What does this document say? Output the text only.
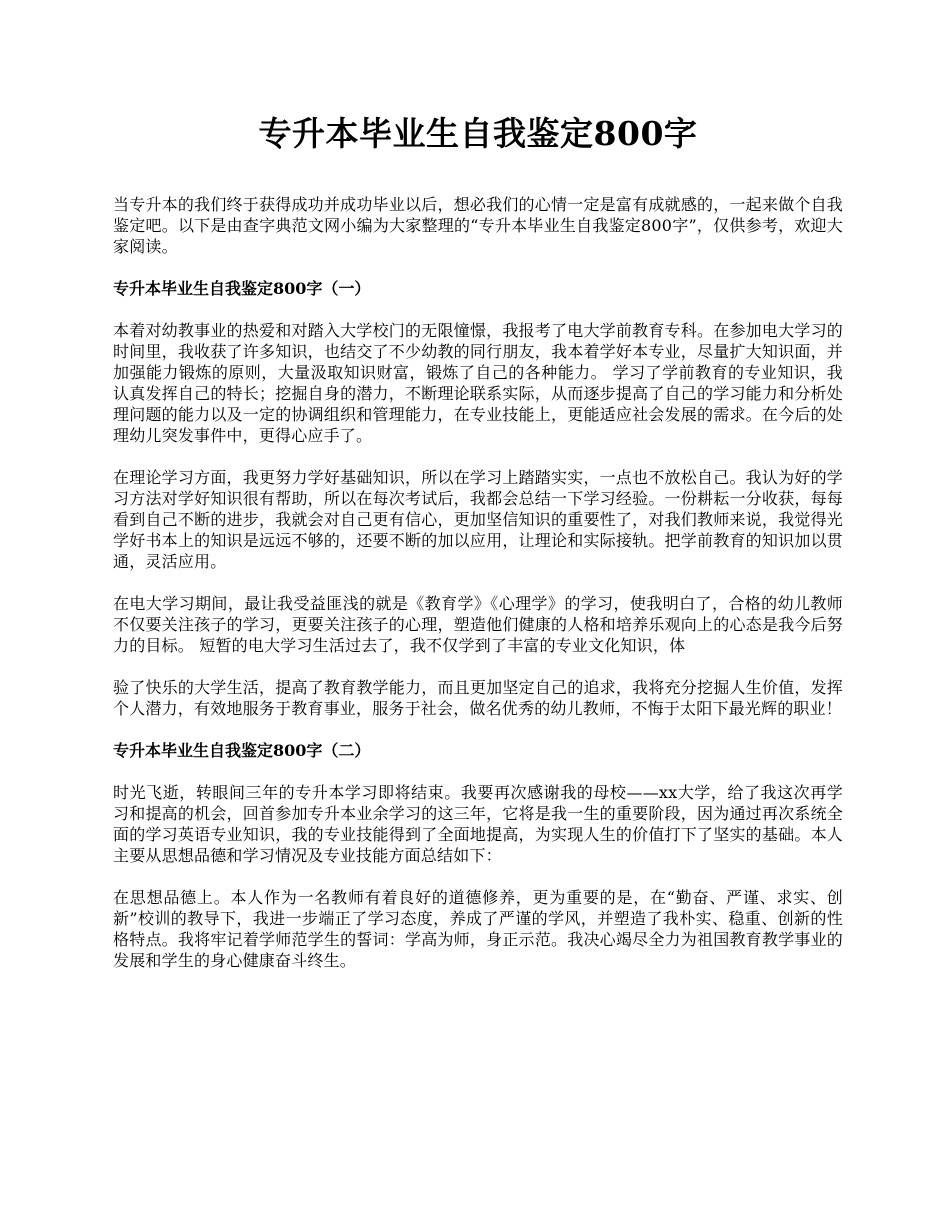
专升本毕业生自我鉴定800字

当专升本的我们终于获得成功并成功毕业以后，想必我们的心情一定是富有成就感的，一起来做个自我鉴定吧。以下是由查字典范文网小编为大家整理的“专升本毕业生自我鉴定800字”，仅供参考，欢迎大家阅读。

专升本毕业生自我鉴定800字（一）

本着对幼教事业的热爱和对踏入大学校门的无限憧憬，我报考了电大学前教育专科。在参加电大学习的时间里，我收获了许多知识，也结交了不少幼教的同行朋友，我本着学好本专业，尽量扩大知识面，并加强能力锻炼的原则，大量汲取知识财富，锻炼了自己的各种能力。 学习了学前教育的专业知识，我认真发挥自己的特长；挖掘自身的潜力，不断理论联系实际，从而逐步提高了自己的学习能力和分析处理问题的能力以及一定的协调组织和管理能力，在专业技能上，更能适应社会发展的需求。在今后的处理幼儿突发事件中，更得心应手了。

在理论学习方面，我更努力学好基础知识，所以在学习上踏踏实实，一点也不放松自己。我认为好的学习方法对学好知识很有帮助，所以在每次考试后，我都会总结一下学习经验。一份耕耘一分收获，每每看到自己不断的进步，我就会对自己更有信心，更加坚信知识的重要性了，对我们教师来说，我觉得光学好书本上的知识是远远不够的，还要不断的加以应用，让理论和实际接轨。把学前教育的知识加以贯通，灵活应用。

在电大学习期间，最让我受益匪浅的就是《教育学》《心理学》的学习，使我明白了，合格的幼儿教师不仅要关注孩子的学习，更要关注孩子的心理，塑造他们健康的人格和培养乐观向上的心态是我今后努力的目标。 短暂的电大学习生活过去了，我不仅学到了丰富的专业文化知识，体

验了快乐的大学生活，提高了教育教学能力，而且更加坚定自己的追求，我将充分挖掘人生价值，发挥个人潜力，有效地服务于教育事业，服务于社会，做名优秀的幼儿教师，不悔于太阳下最光辉的职业！

专升本毕业生自我鉴定800字（二）

时光飞逝，转眼间三年的专升本学习即将结束。我要再次感谢我的母校——xx大学，给了我这次再学习和提高的机会，回首参加专升本业余学习的这三年，它将是我一生的重要阶段，因为通过再次系统全面的学习英语专业知识，我的专业技能得到了全面地提高，为实现人生的价值打下了坚实的基础。本人主要从思想品德和学习情况及专业技能方面总结如下：

在思想品德上。本人作为一名教师有着良好的道德修养，更为重要的是，在“勤奋、严谨、求实、创新”校训的教导下，我进一步端正了学习态度，养成了严谨的学风，并塑造了我朴实、稳重、创新的性格特点。我将牢记着学师范学生的誓词：学高为师，身正示范。我决心竭尽全力为祖国教育教学事业的发展和学生的身心健康奋斗终生。
